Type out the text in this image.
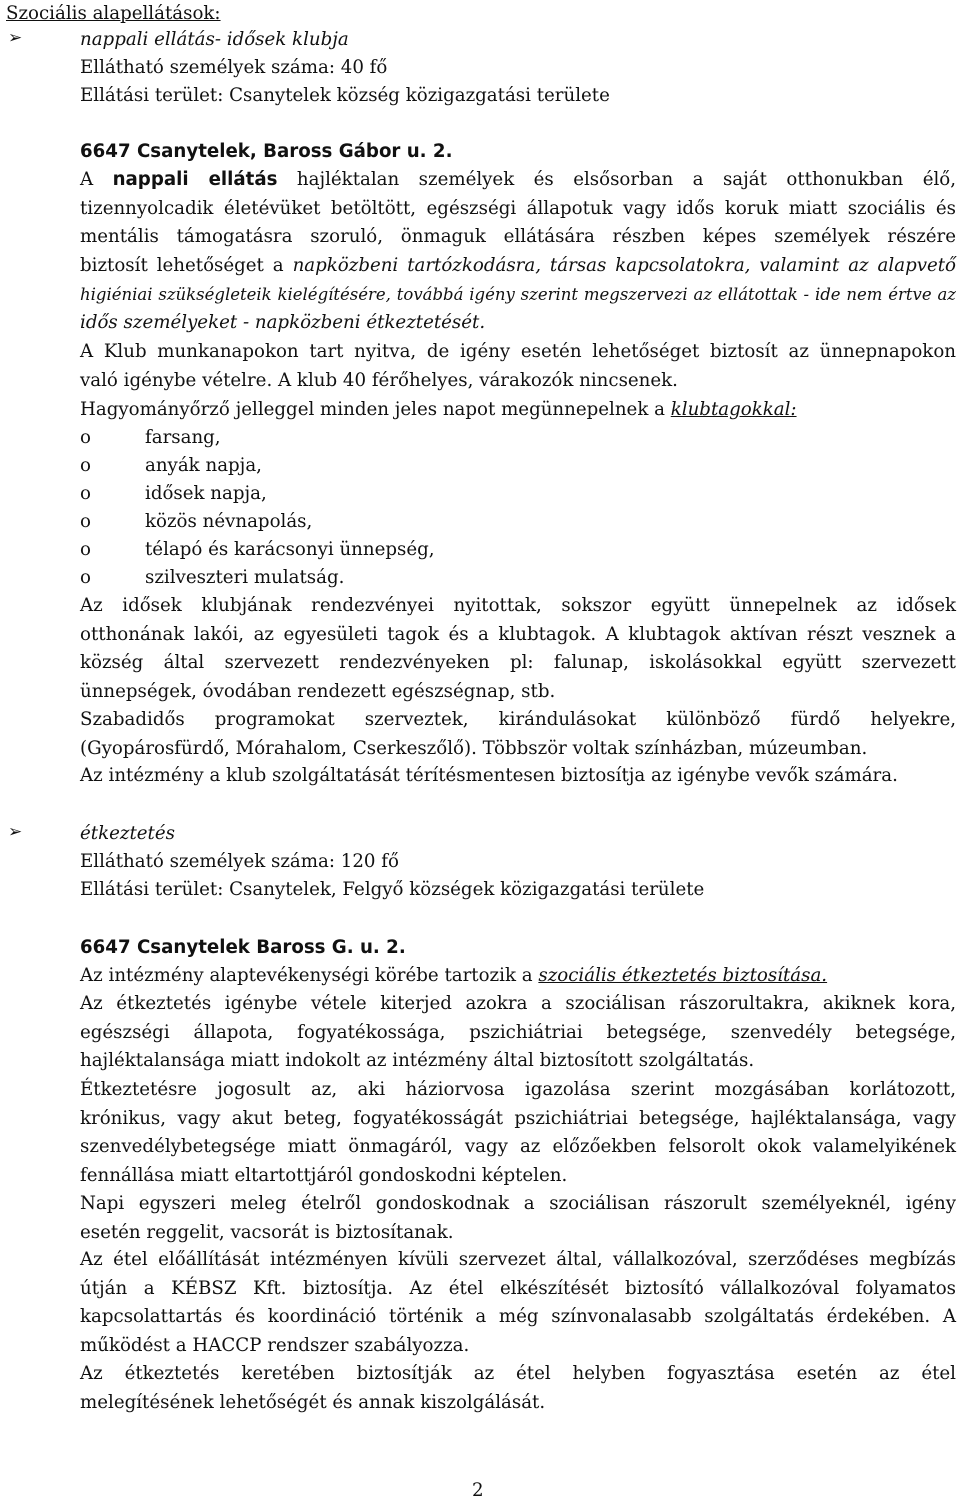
Szociális alapellátások:
➢	nappali ellátás- idősek klubja
Ellátható személyek száma: 40 fő
Ellátási terület: Csanytelek község közigazgatási területe
6647 Csanytelek, Baross Gábor u. 2.
A nappali ellátás hajléktalan személyek és elsősorban a saját otthonukban élő,
tizennyolcadik életévüket betöltött, egészségi állapotuk vagy idős koruk miatt szociális és
mentális támogatásra szoruló, önmaguk ellátására részben képes személyek részére
biztosít lehetőséget a napközbeni tartózkodásra, társas kapcsolatokra, valamint az alapvető
higiéniai szükségleteik kielégítésére, továbbá igény szerint megszervezi az ellátottak - ide nem értve az
idős személyeket - napközbeni étkeztetését.
A Klub munkanapokon tart nyitva, de igény esetén lehetőséget biztosít az ünnepnapokon
való igénybe vételre. A klub 40 férőhelyes, várakozók nincsenek.
Hagyományőrző jelleggel minden jeles napot megünnepelnek a klubtagokkal:
o	farsang,
o	anyák napja,
o	idősek napja,
o	közös névnapolás,
o	télapó és karácsonyi ünnepség,
o	szilveszteri mulatság.
Az idősek klubjának rendezvényei nyitottak, sokszor együtt ünnepelnek az idősek
otthonának lakói, az egyesületi tagok és a klubtagok. A klubtagok aktívan részt vesznek a
község által szervezett rendezvényeken pl: falunap, iskolásokkal együtt szervezett
ünnepségek, óvodában rendezett egészségnap, stb.
Szabadidős programokat szerveztek, kirándulásokat különböző fürdő helyekre,
(Gyopárosfürdő, Mórahalom, Cserkeszőlő). Többször voltak színházban, múzeumban.
Az intézmény a klub szolgáltatását térítésmentesen biztosítja az igénybe vevők számára.
➢	étkeztetés
Ellátható személyek száma: 120 fő
Ellátási terület: Csanytelek, Felgyő községek közigazgatási területe
6647 Csanytelek Baross G. u. 2.
Az intézmény alaptevékenységi körébe tartozik a szociális étkeztetés biztosítása.
Az étkeztetés igénybe vétele kiterjed azokra a szociálisan rászorultakra, akiknek kora,
egészségi állapota, fogyatékossága, pszichiátriai betegsége, szenvedély betegsége,
hajléktalansága miatt indokolt az intézmény által biztosított szolgáltatás.
Étkeztetésre jogosult az, aki háziorvosa igazolása szerint mozgásában korlátozott,
krónikus, vagy akut beteg, fogyatékosságát pszichiátriai betegsége, hajléktalansága, vagy
szenvedélybetegsége miatt önmagáról, vagy az előzőekben felsorolt okok valamelyikének
fennállása miatt eltartottjáról gondoskodni képtelen.
Napi egyszeri meleg ételről gondoskodnak a szociálisan rászorult személyeknél, igény
esetén reggelit, vacsorát is biztosítanak.
Az étel előállítását intézményen kívüli szervezet által, vállalkozóval, szerződéses megbízás
útján a KÉBSZ Kft. biztosítja. Az étel elkészítését biztosító vállalkozóval folyamatos
kapcsolattartás és koordináció történik a még színvonalasabb szolgáltatás érdekében. A
működést a HACCP rendszer szabályozza.
Az étkeztetés keretében biztosítják az étel helyben fogyasztása esetén az étel
melegítésének lehetőségét és annak kiszolgálását.
2
